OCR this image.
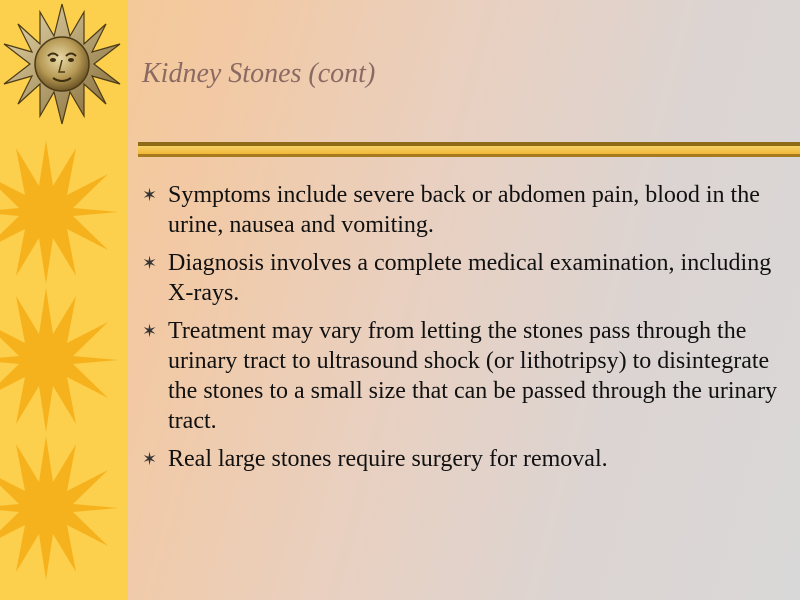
Kidney Stones (cont)
✶ Symptoms include severe back or abdomen pain, blood in the urine, nausea and vomiting.
✶ Diagnosis involves a complete medical examination, including X-rays.
✶ Treatment may vary from letting the stones pass through the urinary tract to ultrasound shock (or lithotripsy) to disintegrate the stones to a small size that can be passed through the urinary tract.
✶ Real large stones require surgery for removal.
